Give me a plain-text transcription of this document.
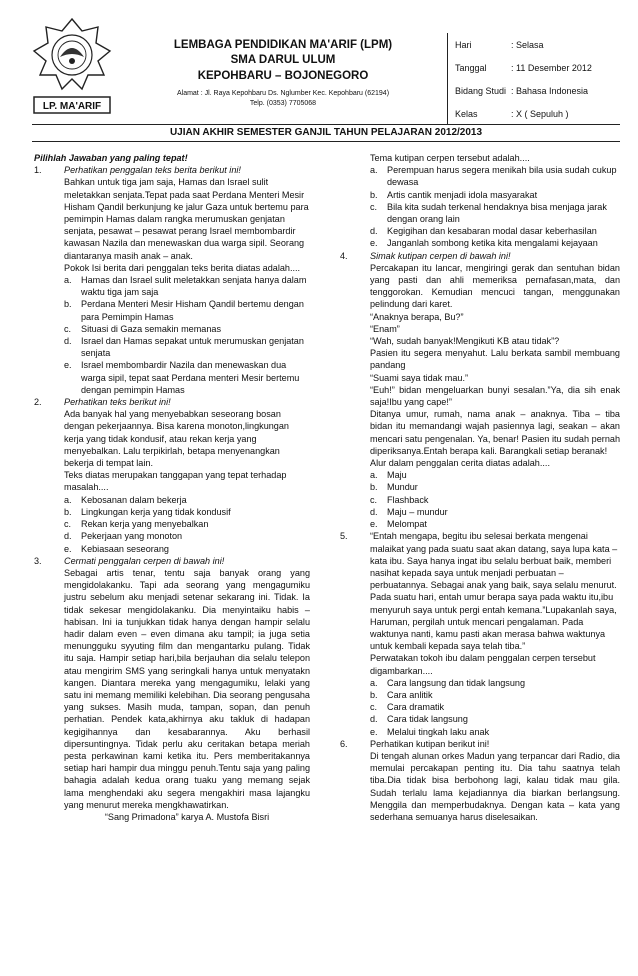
LP. MA'ARIF
LEMBAGA PENDIDIKAN MA'ARIF (LPM)
SMA DARUL ULUM
KEPOHBARU – BOJONEGORO
Alamat : Jl. Raya Kepohbaru Ds. Nglumber Kec. Kepohbaru (62194)
Telp. (0353) 7705068
Hari	: Selasa
Tanggal	: 11 Desember 2012
Bidang Studi : Bahasa Indonesia
Kelas	: X ( Sepuluh )
UJIAN AKHIR SEMESTER GANJIL TAHUN PELAJARAN 2012/2013
Pilihlah Jawaban yang paling tepat!
1.	Perhatikan penggalan teks berita berikut ini!
Bahkan untuk tiga jam saja, Hamas dan Israel sulit meletakkan senjata.Tepat pada saat Perdana Menteri Mesir Hisham Qandil berkunjung ke jalur Gaza untuk bertemu para pemimpin Hamas dalam rangka merumuskan genjatan senjata, pesawat – pesawat perang Israel membombardir kawasan Nazila dan menewaskan dua warga sipil. Seorang diantaranya masih anak – anak.
Pokok Isi berita dari penggalan teks berita diatas adalah....
a.	Hamas dan Israel sulit meletakkan senjata hanya dalam waktu tiga jam saja
b.	Perdana Menteri Mesir Hisham Qandil bertemu dengan para Pemimpin Hamas
c.	Situasi di Gaza semakin memanas
d.	Israel dan Hamas sepakat untuk merumuskan genjatan senjata
e.	Israel membombardir Nazila dan menewaskan dua warga sipil, tepat saat Perdana menteri Mesir bertemu dengan pemimpin Hamas
2.	Perhatikan teks berikut ini!
Ada banyak hal yang menyebabkan seseorang bosan dengan pekerjaannya. Bisa karena monoton,lingkungan kerja yang tidak kondusif, atau rekan kerja yang menyebalkan. Lalu terpikirlah, betapa menyenangkan bekerja di tempat lain.
Teks diatas merupakan tanggapan yang tepat terhadap masalah....
a.	Kebosanan dalam bekerja
b.	Lingkungan kerja yang tidak kondusif
c.	Rekan kerja yang menyebalkan
d.	Pekerjaan yang monoton
e.	Kebiasaan seseorang
3.	Cermati penggalan cerpen di bawah ini!
Sebagai artis tenar, tentu saja banyak orang yang mengidolakanku. Tapi ada seorang yang mengagumiku justru sebelum aku menjadi setenar sekarang ini. Tidak. Ia tidak sekesar mengidolakanku. Dia menyintaiku habis – habisan. Ini ia tunjukkan tidak hanya dengan hampir selalu hadir dalam even – even dimana aku tampil; ia juga setia menungguku syyuting film dan mengantarku pulang. Tidak itu saja. Hampir setiap hari,bila berjauhan dia selalu telepon atau mengirim SMS yang seringkali hanya untuk menyatakn kangen. Diantara mereka yang mengagumiku, lelaki yang satu ini memang memiliki kelebihan. Dia seorang pengusaha yang sukses. Masih muda, tampan, sopan, dan penuh perhatian. Pendek kata,akhirnya aku takluk di hadapan kegigihannya dan kesabarannya. Aku berhasil dipersuntingnya. Tidak perlu aku ceritakan betapa meriah pesta perkawinan kami ketika itu. Pers memberitakannya setiap hari hampir dua minggu penuh.Tentu saja yang paling bahagia adalah kedua orang tuaku yang memang sejak lama menghendaki aku segera mengakhiri masa lajangku yang menurut mereka mengkhawatirkan.
“Sang Primadona” karya A. Mustofa Bisri
Tema kutipan cerpen tersebut adalah....
a.	Perempuan harus segera menikah bila usia sudah cukup dewasa
b.	Artis cantik menjadi idola masyarakat
c.	Bila kita sudah terkenal hendaknya bisa menjaga jarak dengan orang lain
d.	Kegigihan dan kesabaran modal dasar keberhasilan
e.	Janganlah sombong ketika kita mengalami kejayaan
4.	Simak kutipan cerpen di bawah ini!
Percakapan itu lancar, mengiringi gerak dan sentuhan bidan yang pasti dan ahli memeriksa pernafasan,mata, dan tenggorokan. Kemudian mencuci tangan, menggunakan pelindung dari karet.
“Anaknya berapa, Bu?”
“Enam”
“Wah, sudah banyak!Mengikuti KB atau tidak”?
Pasien itu segera menyahut. Lalu berkata sambil membuang pandang
“Suami saya tidak mau.”
“Euh!” bidan mengeluarkan bunyi sesalan.”Ya, dia sih enak saja!Ibu yang cape!”
Ditanya umur, rumah, nama anak – anaknya. Tiba – tiba bidan itu memandangi wajah pasiennya lagi, seakan – akan mencari satu pengenalan. Ya, benar! Pasien itu sudah pernah diperiksanya.Entah berapa kali. Barangkali setiap beranak!
Alur dalam penggalan cerita diatas adalah....
a.	Maju
b.	Mundur
c.	Flashback
d.	Maju – mundur
e.	Melompat
5.	“Entah mengapa, begitu ibu selesai berkata mengenai malaikat yang pada suatu saat akan datang, saya lupa kata – kata ibu. Saya hanya ingat ibu selalu berbuat baik, memberi nasihat kepada saya untuk menjadi perbuatan – perbuatannya. Sebagai anak yang baik, saya selalu menurut. Pada suatu hari, entah umur berapa saya pada waktu itu,ibu menyuruh saya untuk pergi entah kemana.”Lupakanlah saya, Haruman, pergilah untuk mencari pengalaman. Pada waktunya nanti, kamu pasti akan merasa bahwa waktunya untuk kembali kepada saya telah tiba.”
Perwatakan tokoh ibu dalam penggalan cerpen tersebut digambarkan....
a.	Cara langsung dan tidak langsung
b.	Cara anlitik
c.	Cara dramatik
d.	Cara tidak langsung
e.	Melalui tingkah laku anak
6.	Perhatikan kutipan berikut ini!
Di tengah alunan orkes Madun yang terpancar dari Radio, dia memulai percakapan penting itu. Dia tahu saatnya telah tiba.Dia tidak bisa berbohong lagi, kalau tidak mau gila. Sudah terlalu lama kejadiannya dia biarkan berlangsung. Menggila dan memperbudaknya. Dengan kata – kata yang sederhana semuanya harus diselesaikan.
